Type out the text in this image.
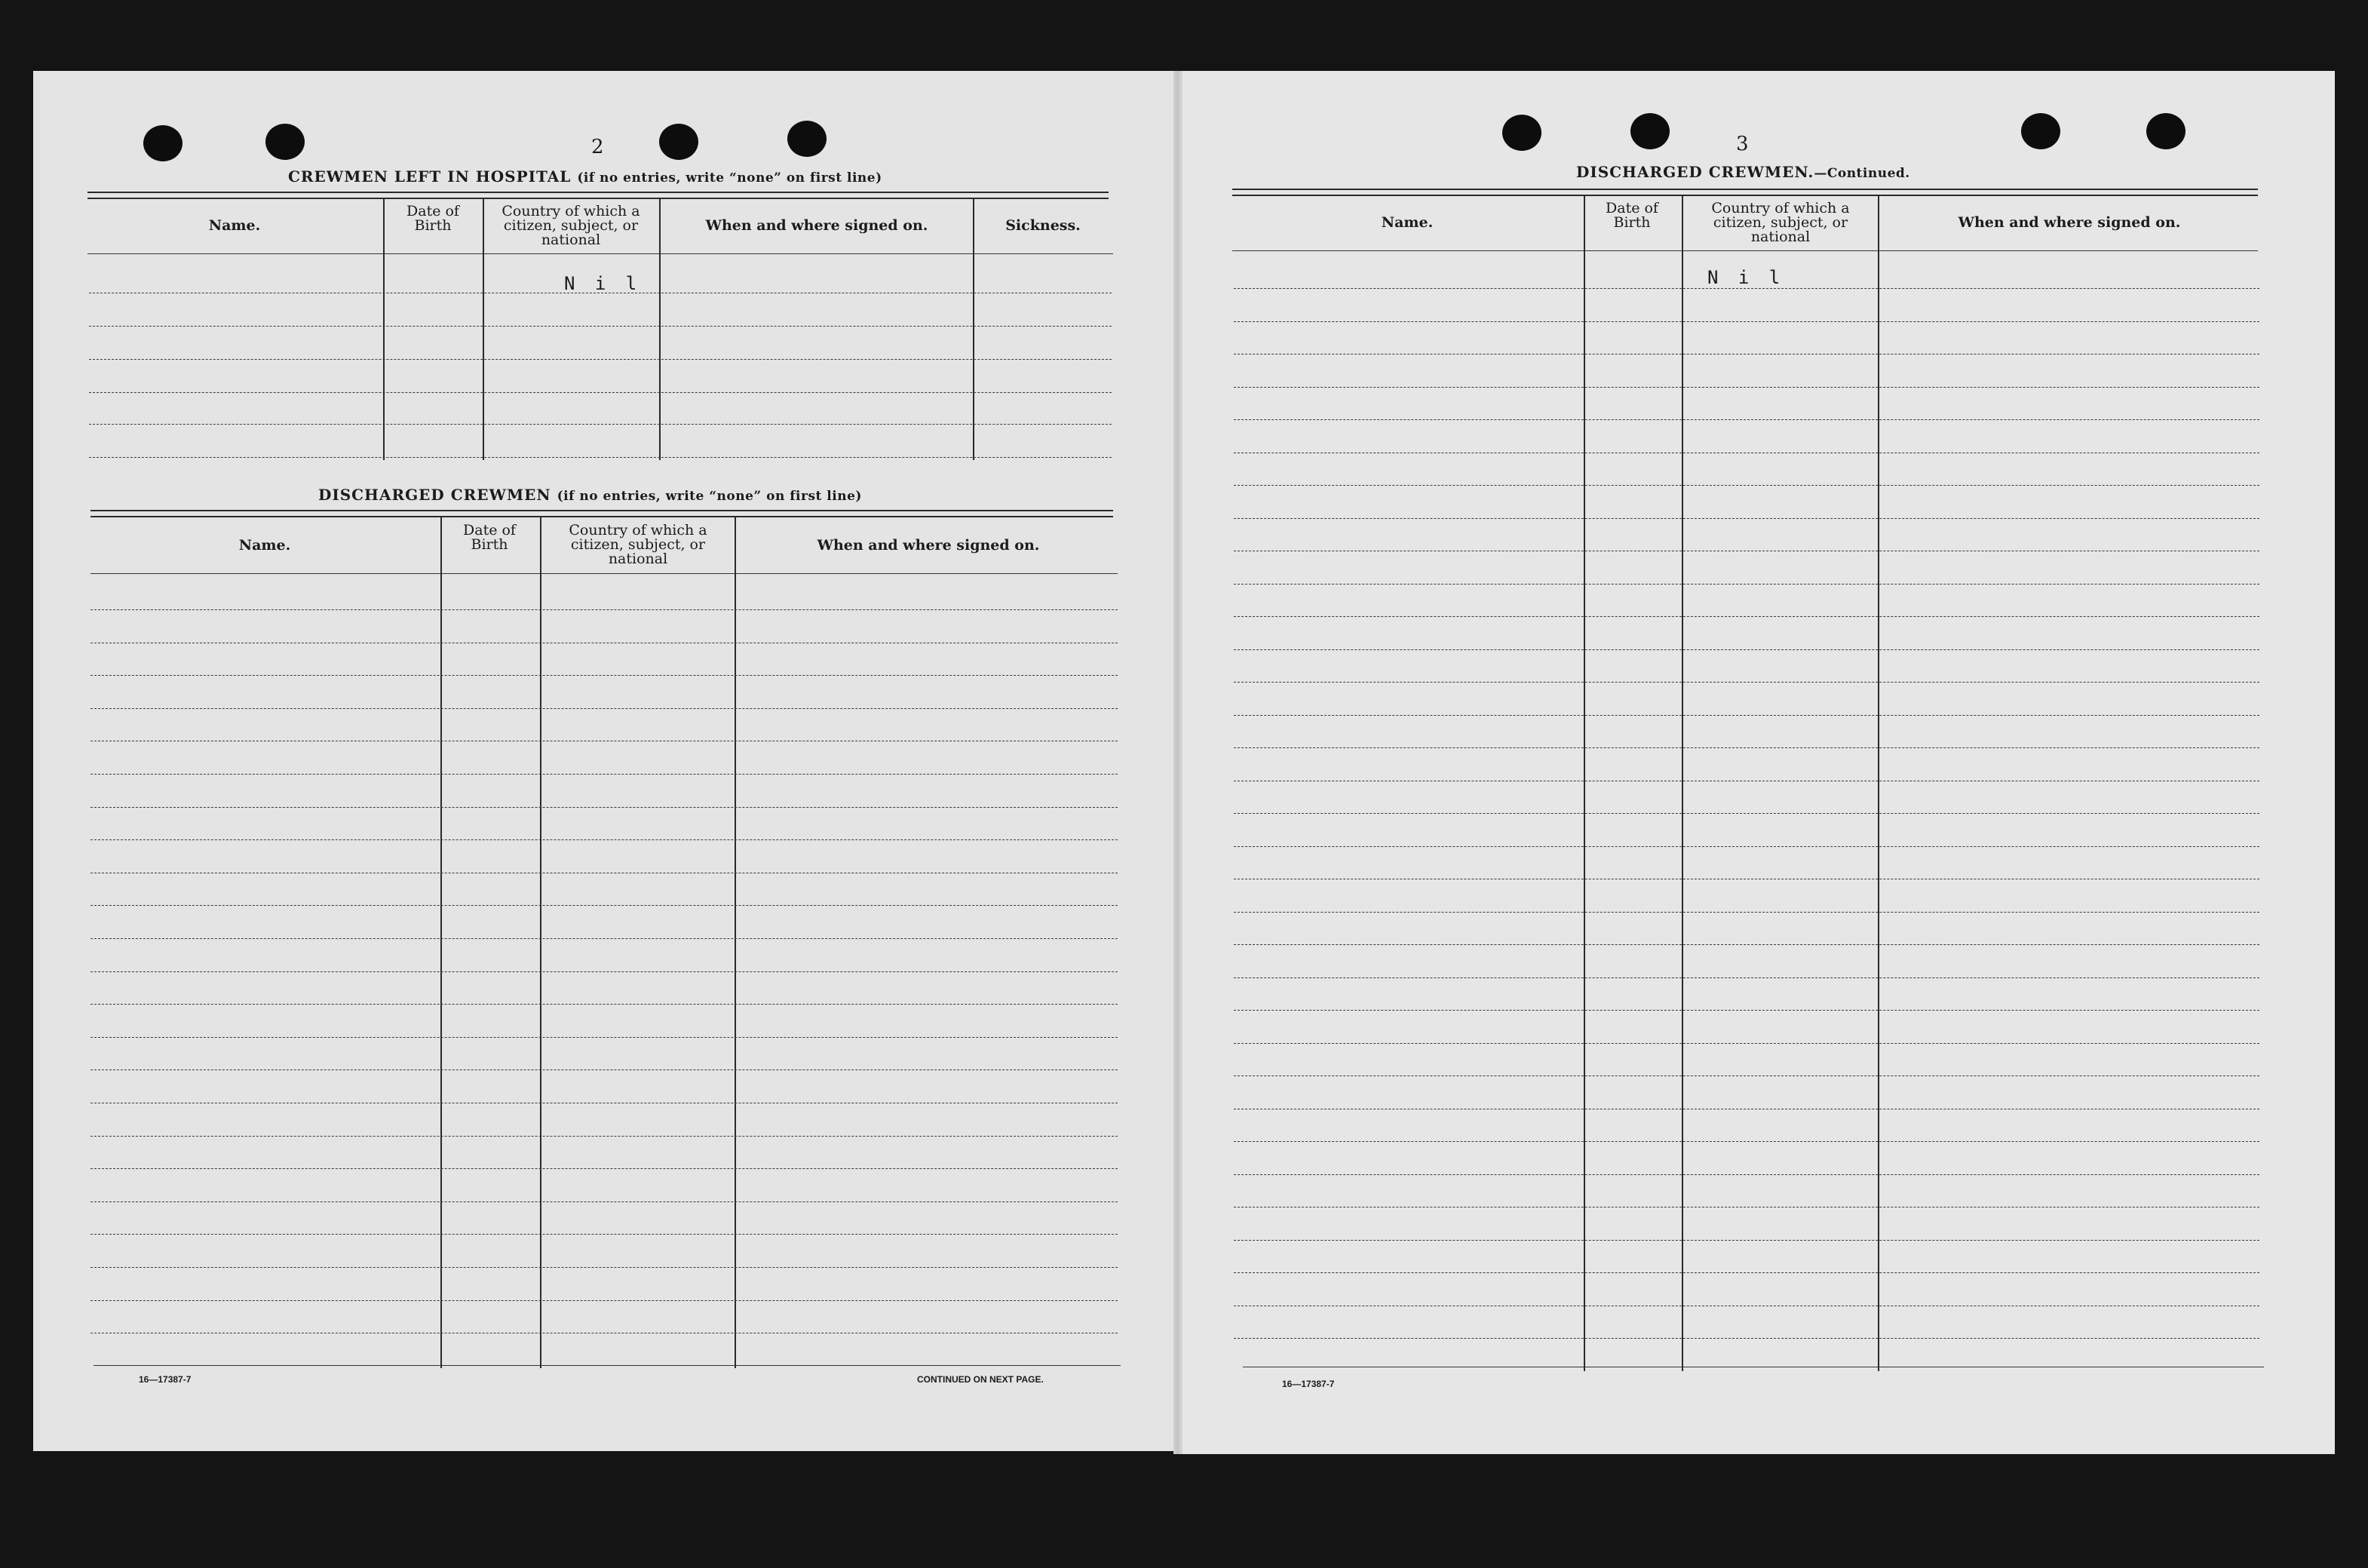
2
CREWMEN LEFT IN HOSPITAL (if no entries, write “none” on first line)
Name.
Date of Birth
Country of which a citizen, subject, or national
When and where signed on.	Sickness.
N i l
DISCHARGED CREWMEN (if no entries, write “none” on first line)
Name.
Date of Birth
Country of which a citizen, subject, or national
When and where signed on.
16—17387-7	CONTINUED ON NEXT PAGE.
3
DISCHARGED CREWMEN.—Continued.
Name.
Date of Birth
Country of which a citizen, subject, or national
When and where signed on.
N i l
16—17387-7
